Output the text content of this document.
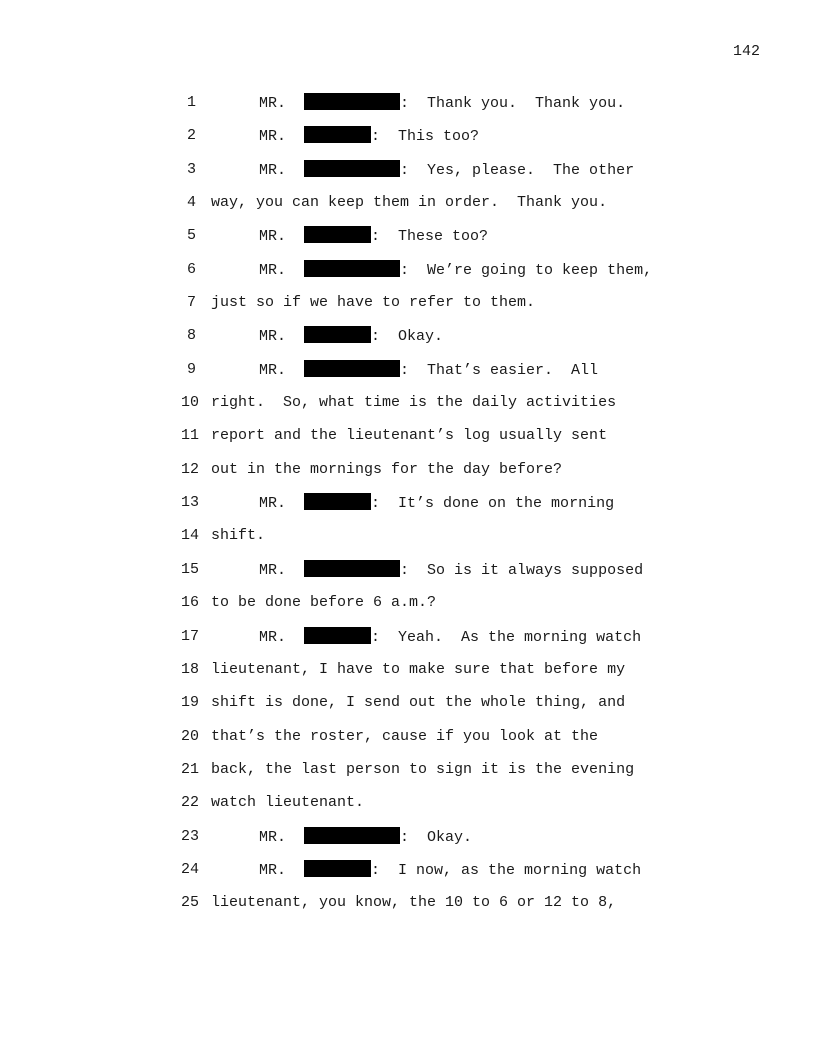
142
1	MR.	:  Thank you.  Thank you.
2	MR.	:  This too?
3	MR.	:  Yes, please.  The other
4 way, you can keep them in order.  Thank you.
5	MR.	:  These too?
6	MR.	:  We’re going to keep them,
7 just so if we have to refer to them.
8	MR.	:  Okay.
9	MR.	:  That’s easier.  All
10 right.  So, what time is the daily activities
11 report and the lieutenant’s log usually sent
12 out in the mornings for the day before?
13	MR.	:  It’s done on the morning
14 shift.
15	MR.	:  So is it always supposed
16 to be done before 6 a.m.?
17	MR.	:  Yeah.  As the morning watch
18 lieutenant, I have to make sure that before my
19 shift is done, I send out the whole thing, and
20 that’s the roster, cause if you look at the
21 back, the last person to sign it is the evening
22 watch lieutenant.
23	MR.	:  Okay.
24	MR.	:  I now, as the morning watch
25 lieutenant, you know, the 10 to 6 or 12 to 8,
